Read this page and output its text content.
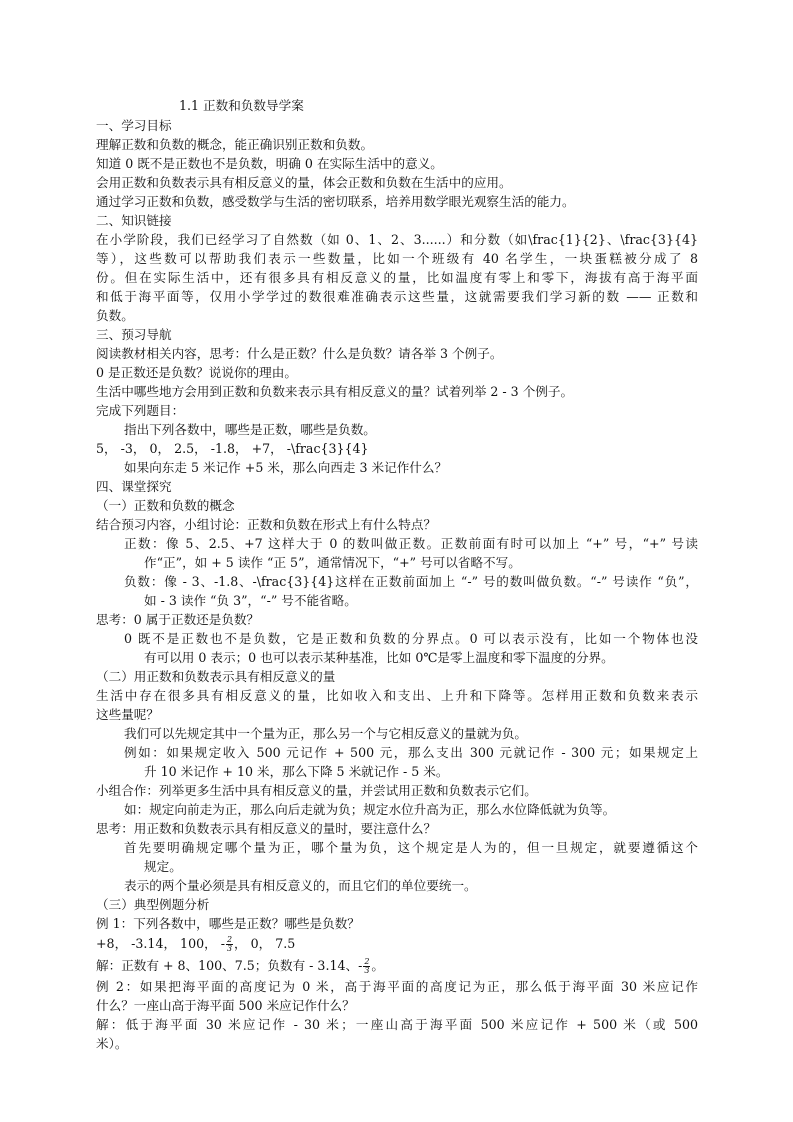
1.1 正数和负数导学案
一、学习目标
理解正数和负数的概念，能正确识别正数和负数。
知道 0 既不是正数也不是负数，明确 0 在实际生活中的意义。
会用正数和负数表示具有相反意义的量，体会正数和负数在生活中的应用。
通过学习正数和负数，感受数学与生活的密切联系，培养用数学眼光观察生活的能力。
二、知识链接
在小学阶段，我们已经学习了自然数（如 0、1、2、3......）和分数（如\frac{1}{2}、\frac{3}{4}
等），这些数可以帮助我们表示一些数量，比如一个班级有 40 名学生，一块蛋糕被分成了 8
份。但在实际生活中，还有很多具有相反意义的量，比如温度有零上和零下，海拔有高于海平面
和低于海平面等，仅用小学学过的数很难准确表示这些量，这就需要我们学习新的数 —— 正数和
负数。
三、预习导航
阅读教材相关内容，思考：什么是正数？什么是负数？请各举 3 个例子。
0 是正数还是负数？说说你的理由。
生活中哪些地方会用到正数和负数来表示具有相反意义的量？试着列举 2 - 3 个例子。
完成下列题目：
指出下列各数中，哪些是正数，哪些是负数。
5， -3， 0， 2.5， -1.8， +7， -\frac{3}{4}
如果向东走 5 米记作 +5 米，那么向西走 3 米记作什么？
四、课堂探究
（一）正数和负数的概念
结合预习内容，小组讨论：正数和负数在形式上有什么特点？
正数：像 5、2.5、+7 这样大于 0 的数叫做正数。正数前面有时可以加上 “+” 号，“+” 号读
作“正”，如 + 5 读作 “正 5”，通常情况下，“+” 号可以省略不写。
负数：像 - 3、-1.8、-\frac{3}{4}这样在正数前面加上 “-” 号的数叫做负数。“-” 号读作 “负”，
如 - 3 读作 “负 3”，“-” 号不能省略。
思考：0 属于正数还是负数？
0 既不是正数也不是负数，它是正数和负数的分界点。0 可以表示没有，比如一个物体也没
有可以用 0 表示；0 也可以表示某种基准，比如 0℃是零上温度和零下温度的分界。
（二）用正数和负数表示具有相反意义的量
生活中存在很多具有相反意义的量，比如收入和支出、上升和下降等。怎样用正数和负数来表示
这些量呢？
我们可以先规定其中一个量为正，那么另一个与它相反意义的量就为负。
例如：如果规定收入 500 元记作 + 500 元，那么支出 300 元就记作 - 300 元；如果规定上
升 10 米记作 + 10 米，那么下降 5 米就记作 - 5 米。
小组合作：列举更多生活中具有相反意义的量，并尝试用正数和负数表示它们。
如：规定向前走为正，那么向后走就为负；规定水位升高为正，那么水位降低就为负等。
思考：用正数和负数表示具有相反意义的量时，要注意什么？
首先要明确规定哪个量为正，哪个量为负，这个规定是人为的，但一旦规定，就要遵循这个
规定。
表示的两个量必须是具有相反意义的，而且它们的单位要统一。
（三）典型例题分析
例 1：下列各数中，哪些是正数？哪些是负数？
+8， -3.14， 100， - $\frac{2}{3}$ ， 0， 7.5
解：正数有 + 8、100、7.5；负数有 - 3.14、- $\frac{2}{3}$ 。
例 2：如果把海平面的高度记为 0 米，高于海平面的高度记为正，那么低于海平面 30 米应记作
什么？一座山高于海平面 500 米应记作什么？
解：低于海平面 30 米应记作 - 30 米；一座山高于海平面 500 米应记作 + 500 米（或 500
米）。
